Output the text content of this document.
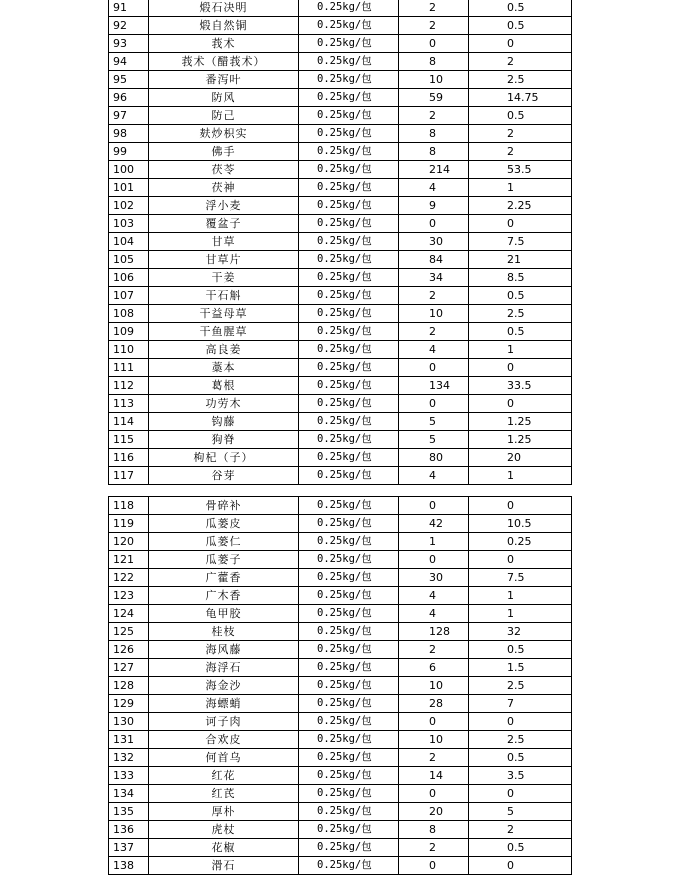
91	煅石决明	0.25kg/包	2	0.5
92	煅自然铜	0.25kg/包	2	0.5
93	莪术	0.25kg/包	0	0
94	莪术（醋莪术）	0.25kg/包	8	2
95	番泻叶	0.25kg/包	10	2.5
96	防风	0.25kg/包	59	14.75
97	防己	0.25kg/包	2	0.5
98	麸炒枳实	0.25kg/包	8	2
99	佛手	0.25kg/包	8	2
100	茯苓	0.25kg/包	214	53.5
101	茯神	0.25kg/包	4	1
102	浮小麦	0.25kg/包	9	2.25
103	覆盆子	0.25kg/包	0	0
104	甘草	0.25kg/包	30	7.5
105	甘草片	0.25kg/包	84	21
106	干姜	0.25kg/包	34	8.5
107	干石斛	0.25kg/包	2	0.5
108	干益母草	0.25kg/包	10	2.5
109	干鱼腥草	0.25kg/包	2	0.5
110	高良姜	0.25kg/包	4	1
111	藁本	0.25kg/包	0	0
112	葛根	0.25kg/包	134	33.5
113	功劳木	0.25kg/包	0	0
114	钩藤	0.25kg/包	5	1.25
115	狗脊	0.25kg/包	5	1.25
116	枸杞（子）	0.25kg/包	80	20
117	谷芽	0.25kg/包	4	1
118	骨碎补	0.25kg/包	0	0
119	瓜蒌皮	0.25kg/包	42	10.5
120	瓜蒌仁	0.25kg/包	1	0.25
121	瓜蒌子	0.25kg/包	0	0
122	广藿香	0.25kg/包	30	7.5
123	广木香	0.25kg/包	4	1
124	龟甲胶	0.25kg/包	4	1
125	桂枝	0.25kg/包	128	32
126	海风藤	0.25kg/包	2	0.5
127	海浮石	0.25kg/包	6	1.5
128	海金沙	0.25kg/包	10	2.5
129	海螵蛸	0.25kg/包	28	7
130	诃子肉	0.25kg/包	0	0
131	合欢皮	0.25kg/包	10	2.5
132	何首乌	0.25kg/包	2	0.5
133	红花	0.25kg/包	14	3.5
134	红芪	0.25kg/包	0	0
135	厚朴	0.25kg/包	20	5
136	虎杖	0.25kg/包	8	2
137	花椒	0.25kg/包	2	0.5
138	滑石	0.25kg/包	0	0
